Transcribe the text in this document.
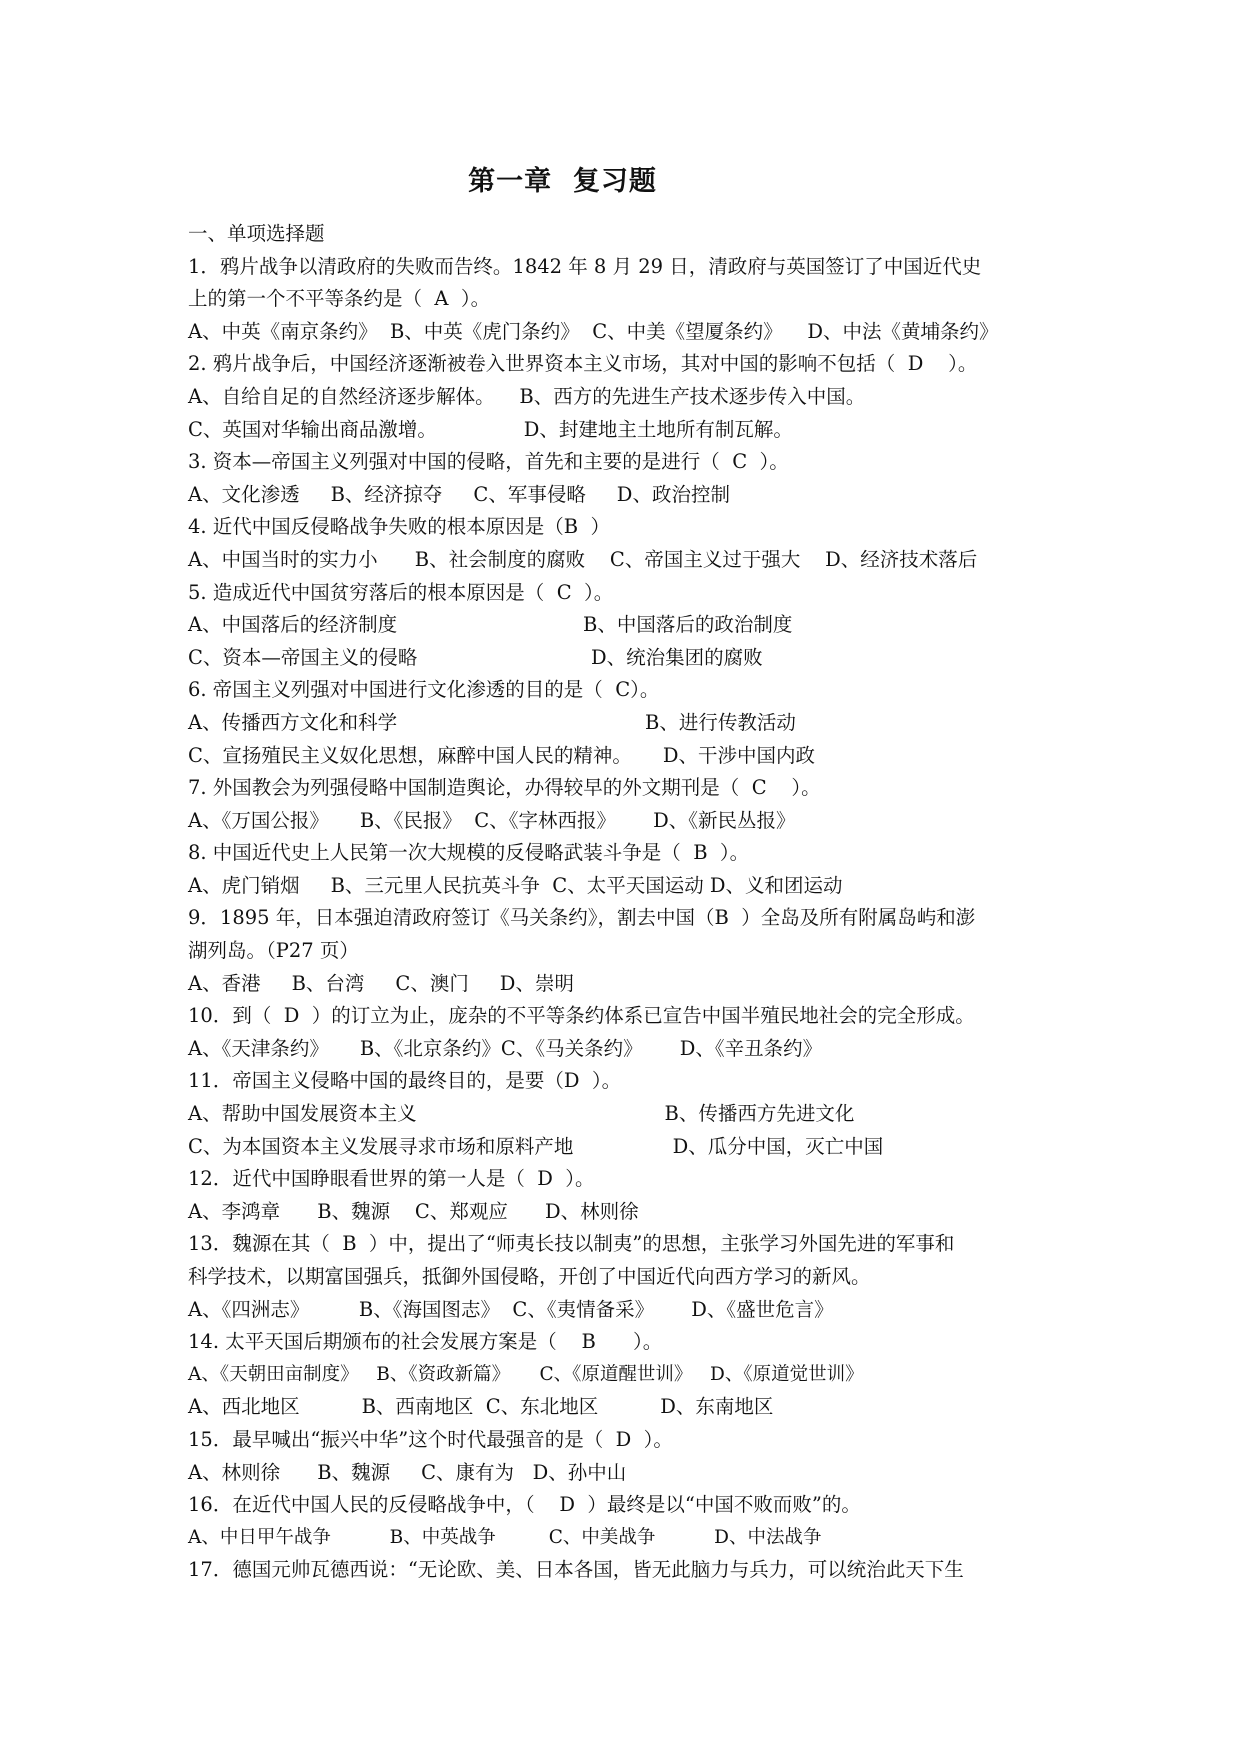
第一章  复习题
一、单项选择题
1．鸦片战争以清政府的失败而告终。1842 年 8 月 29 日，清政府与英国签订了中国近代史
上的第一个不平等条约是（  A  ）。
A、中英《南京条约》  B、中英《虎门条约》  C、中美《望厦条约》    D、中法《黄埔条约》
2. 鸦片战争后，中国经济逐渐被卷入世界资本主义市场，其对中国的影响不包括（  D    ）。
A、自给自足的自然经济逐步解体。    B、西方的先进生产技术逐步传入中国。
C、英国对华输出商品激增。              D、封建地主土地所有制瓦解。
3. 资本—帝国主义列强对中国的侵略，首先和主要的是进行（  C  ）。
A、文化渗透     B、经济掠夺     C、军事侵略     D、政治控制
4. 近代中国反侵略战争失败的根本原因是（B  ）
A、中国当时的实力小      B、社会制度的腐败    C、帝国主义过于强大    D、经济技术落后
5. 造成近代中国贫穷落后的根本原因是（  C  ）。
A、中国落后的经济制度                              B、中国落后的政治制度
C、资本—帝国主义的侵略                            D、统治集团的腐败
6. 帝国主义列强对中国进行文化渗透的目的是（  C）。
A、传播西方文化和科学                                        B、进行传教活动
C、宣扬殖民主义奴化思想，麻醉中国人民的精神。     D、干涉中国内政
7. 外国教会为列强侵略中国制造舆论，办得较早的外文期刊是（  C    ）。
A、《万国公报》     B、《民报》  C、《字林西报》      D、《新民丛报》
8. 中国近代史上人民第一次大规模的反侵略武装斗争是（  B  ）。
A、虎门销烟     B、三元里人民抗英斗争  C、太平天国运动 D、义和团运动
9．1895 年，日本强迫清政府签订《马关条约》，割去中国（B  ）全岛及所有附属岛屿和澎
湖列岛。（P27 页）
A、香港     B、台湾     C、澳门     D、崇明
10．到（  D  ）的订立为止，庞杂的不平等条约体系已宣告中国半殖民地社会的完全形成。
A、《天津条约》     B、《北京条约》C、《马关条约》      D、《辛丑条约》
11．帝国主义侵略中国的最终目的，是要（D  ）。
A、帮助中国发展资本主义                                        B、传播西方先进文化
C、为本国资本主义发展寻求市场和原料产地                D、瓜分中国，灭亡中国
12．近代中国睁眼看世界的第一人是（  D  ）。
A、李鸿章      B、魏源    C、郑观应      D、林则徐
13．魏源在其（  B  ）中，提出了“师夷长技以制夷”的思想，主张学习外国先进的军事和
科学技术，以期富国强兵，抵御外国侵略，开创了中国近代向西方学习的新风。
A、《四洲志》        B、《海国图志》  C、《夷情备采》      D、《盛世危言》
14. 太平天国后期颁布的社会发展方案是（    B      ）。
A、《天朝田亩制度》   B、《资政新篇》     C、《原道醒世训》   D、《原道觉世训》
A、西北地区          B、西南地区  C、东北地区          D、东南地区
15．最早喊出“振兴中华”这个时代最强音的是（  D  ）。
A、林则徐      B、魏源     C、康有为   D、孙中山
16．在近代中国人民的反侵略战争中，（    D  ）最终是以“中国不败而败”的。
A、中日甲午战争          B、中英战争         C、中美战争          D、中法战争
17．德国元帅瓦德西说：“无论欧、美、日本各国，皆无此脑力与兵力，可以统治此天下生
